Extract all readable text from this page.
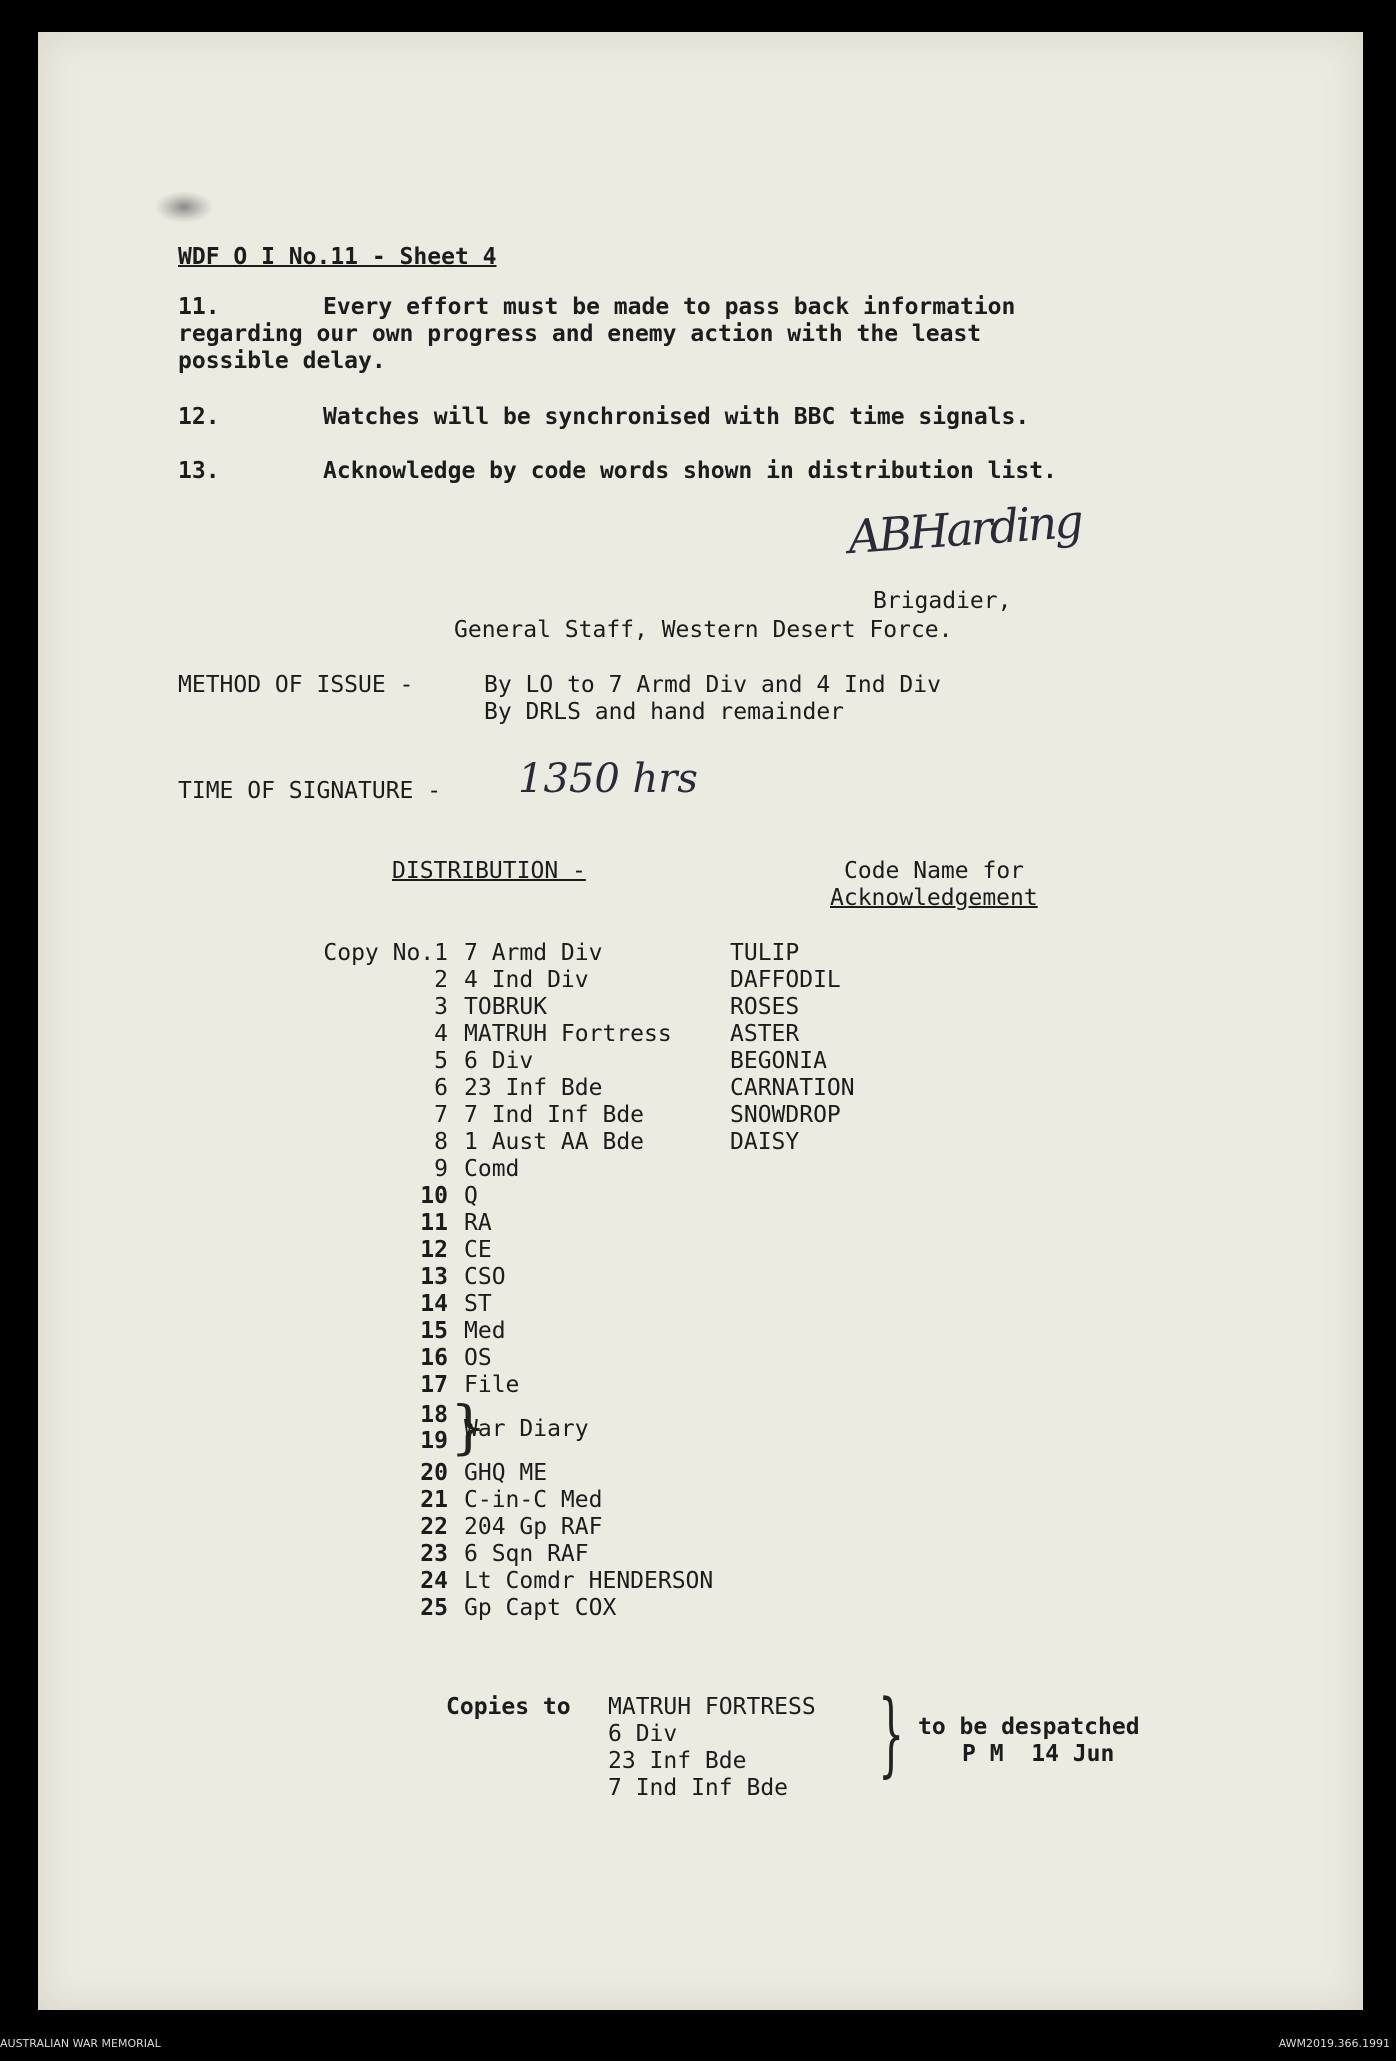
WDF O I No.11 - Sheet 4
11.	Every effort must be made to pass back information
regarding our own progress and enemy action with the least
possible delay.
12.	Watches will be synchronised with BBC time signals.
13.	Acknowledge by code words shown in distribution list.
ABHarding
Brigadier,
General Staff, Western Desert Force.
METHOD OF ISSUE -	By LO to 7 Armd Div and 4 Ind Div
By DRLS and hand remainder
TIME OF SIGNATURE - 1350 hrs
DISTRIBUTION -	Code Name for
Acknowledgement
Copy No.1 7 Armd Div	TULIP
2 4 Ind Div	DAFFODIL
3 TOBRUK	ROSES
4 MATRUH Fortress	ASTER
5 6 Div	BEGONIA
6 23 Inf Bde	CARNATION
7 7 Ind Inf Bde	SNOWDROP
8 1 Aust AA Bde	DAISY
9 Comd
10 Q
11 RA
12 CE
13 CSO
14 ST
15 Med
16 OS
17 File
18
19 }
War Diary
20 GHQ ME
21 C-in-C Med
22 204 Gp RAF
23 6 Sqn RAF
24 Lt Comdr HENDERSON
25 Gp Capt COX
Copies to MATRUH FORTRESS
6 Div
23 Inf Bde
7 Ind Inf Bde
} to be despatched
P M  14 Jun
AUSTRALIAN WAR MEMORIAL	AWM2019.366.1991
